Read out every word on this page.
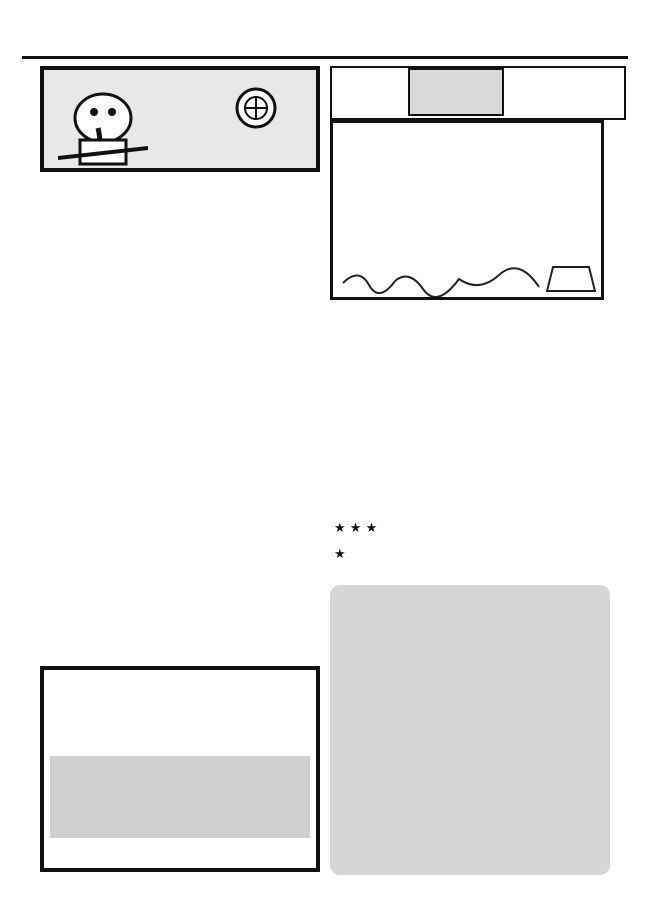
★ ★ ★
★
